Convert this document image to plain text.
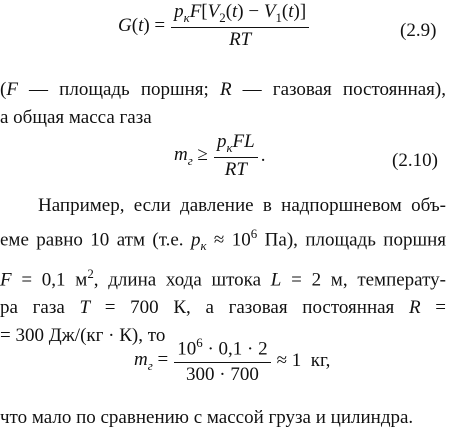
$G(t) = \frac{p_кF[V_2(t) - V_1(t)]}{RT}$	(2.9)
(F — площадь поршня; R — газовая постоянная),
а общая масса газа
$m_г \ge \frac{p_кFL}{RT}$ .	(2.10)
Например, если давление в надпоршневом объ-
еме равно 10 атм (т.е. $p_к \approx 10^6$ Па), площадь поршня
F = 0,1 $м^2$, длина хода штока L = 2 м, температу-
ра газа T = 700 К, а газовая постоянная R =
= 300 Дж/(кг · К), то
$m_г = \frac{10^6 \cdot 0,1 \cdot 2}{300 \cdot 700} \approx 1$  кг,
что мало по сравнению с массой груза и цилиндра.
